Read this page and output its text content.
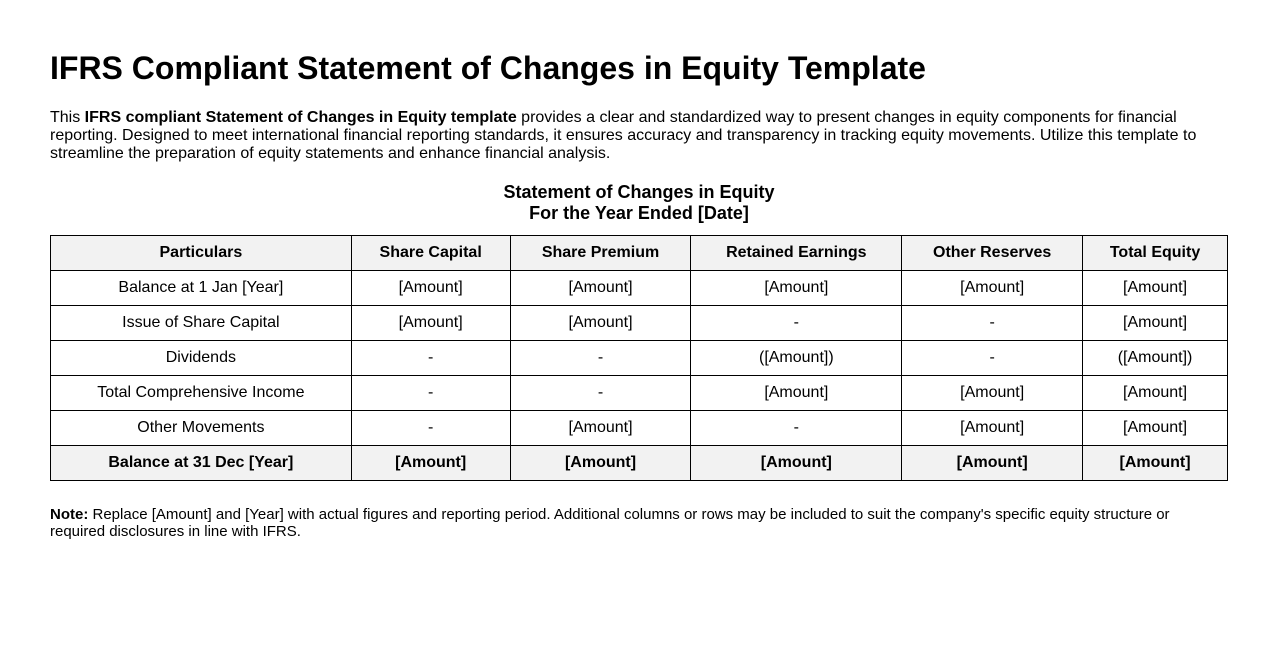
IFRS Compliant Statement of Changes in Equity Template

This IFRS compliant Statement of Changes in Equity template provides a clear and standardized way to present changes in equity components for financial reporting. Designed to meet international financial reporting standards, it ensures accuracy and transparency in tracking equity movements. Utilize this template to streamline the preparation of equity statements and enhance financial analysis.

Statement of Changes in Equity
For the Year Ended [Date]
Particulars	Share Capital	Share Premium	Retained Earnings	Other Reserves	Total Equity
Balance at 1 Jan [Year]	[Amount]	[Amount]	[Amount]	[Amount]	[Amount]
Issue of Share Capital	[Amount]	[Amount]	-	-	[Amount]
Dividends	-	-	([Amount])	-	([Amount])
Total Comprehensive Income	-	-	[Amount]	[Amount]	[Amount]
Other Movements	-	[Amount]	-	[Amount]	[Amount]
Balance at 31 Dec [Year]	[Amount]	[Amount]	[Amount]	[Amount]	[Amount]

Note: Replace [Amount] and [Year] with actual figures and reporting period. Additional columns or rows may be included to suit the company's specific equity structure or required disclosures in line with IFRS.
